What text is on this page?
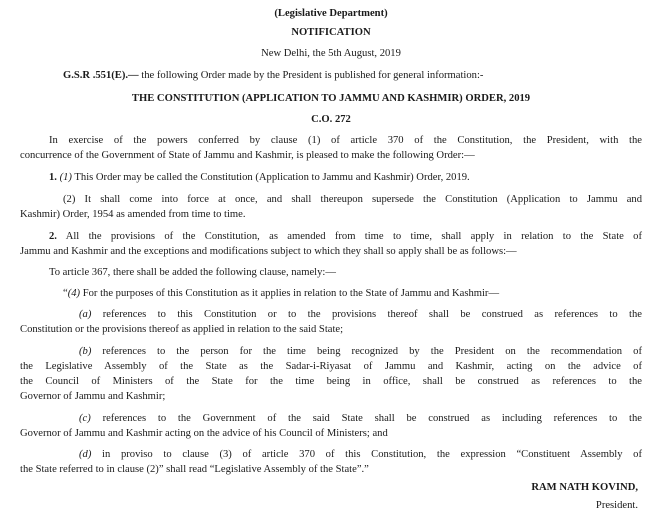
(Legislative Department)
NOTIFICATION
New Delhi, the 5th August, 2019
G.S.R .551(E).— the following Order made by the President is published for general information:-
THE CONSTITUTION (APPLICATION TO JAMMU AND KASHMIR) ORDER, 2019
C.O. 272
In exercise of the powers conferred by clause (1) of article 370 of the Constitution, the President, with the
concurrence of the Government of State of Jammu and Kashmir, is pleased to make the following Order:—
1. (1) This Order may be called the Constitution (Application to Jammu and Kashmir) Order, 2019.
(2) It shall come into force at once, and shall thereupon supersede the Constitution (Application to Jammu and
Kashmir) Order, 1954 as amended from time to time.
2. All the provisions of the Constitution, as amended from time to time, shall apply in relation to the State of
Jammu and Kashmir and the exceptions and modifications subject to which they shall so apply shall be as follows:—
To article 367, there shall be added the following clause, namely:—
“(4) For the purposes of this Constitution as it applies in relation to the State of Jammu and Kashmir—
(a) references to this Constitution or to the provisions thereof shall be construed as references to the
Constitution or the provisions thereof as applied in relation to the said State;
(b) references to the person for the time being recognized by the President on the recommendation of
the Legislative Assembly of the State as the Sadar-i-Riyasat of Jammu and Kashmir, acting on the advice of
the Council of Ministers of the State for the time being in office, shall be construed as references to the
Governor of Jammu and Kashmir;
(c) references to the Government of the said State shall be construed as including references to the
Governor of Jammu and Kashmir acting on the advice of his Council of Ministers; and
(d) in proviso to clause (3) of article 370 of this Constitution, the expression “Constituent Assembly of
the State referred to in clause (2)” shall read “Legislative Assembly of the State”.”
RAM NATH KOVIND,
President.
